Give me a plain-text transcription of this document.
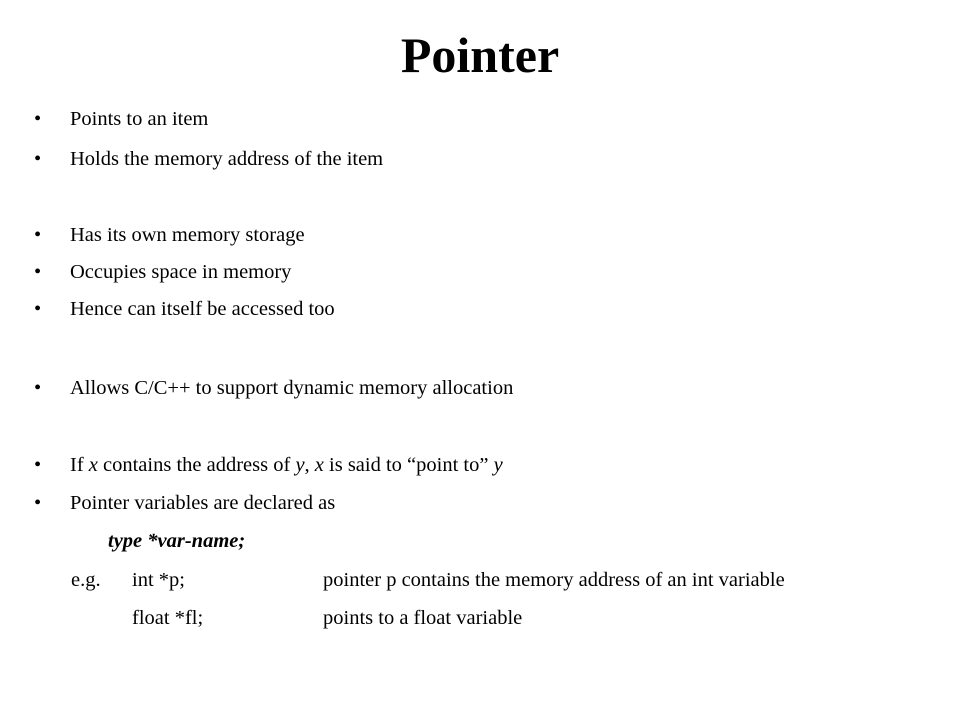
Pointer
•Points to an item
•Holds the memory address of the item
•Has its own memory storage
•Occupies space in memory
•Hence can itself be accessed too
•Allows C/C++ to support dynamic memory allocation
•If x contains the address of y, x is said to “point to” y
•Pointer variables are declared as
type *var-name;
e.g. int *p;	pointer p contains the memory address of an int variable
float *fl;	points to a float variable
